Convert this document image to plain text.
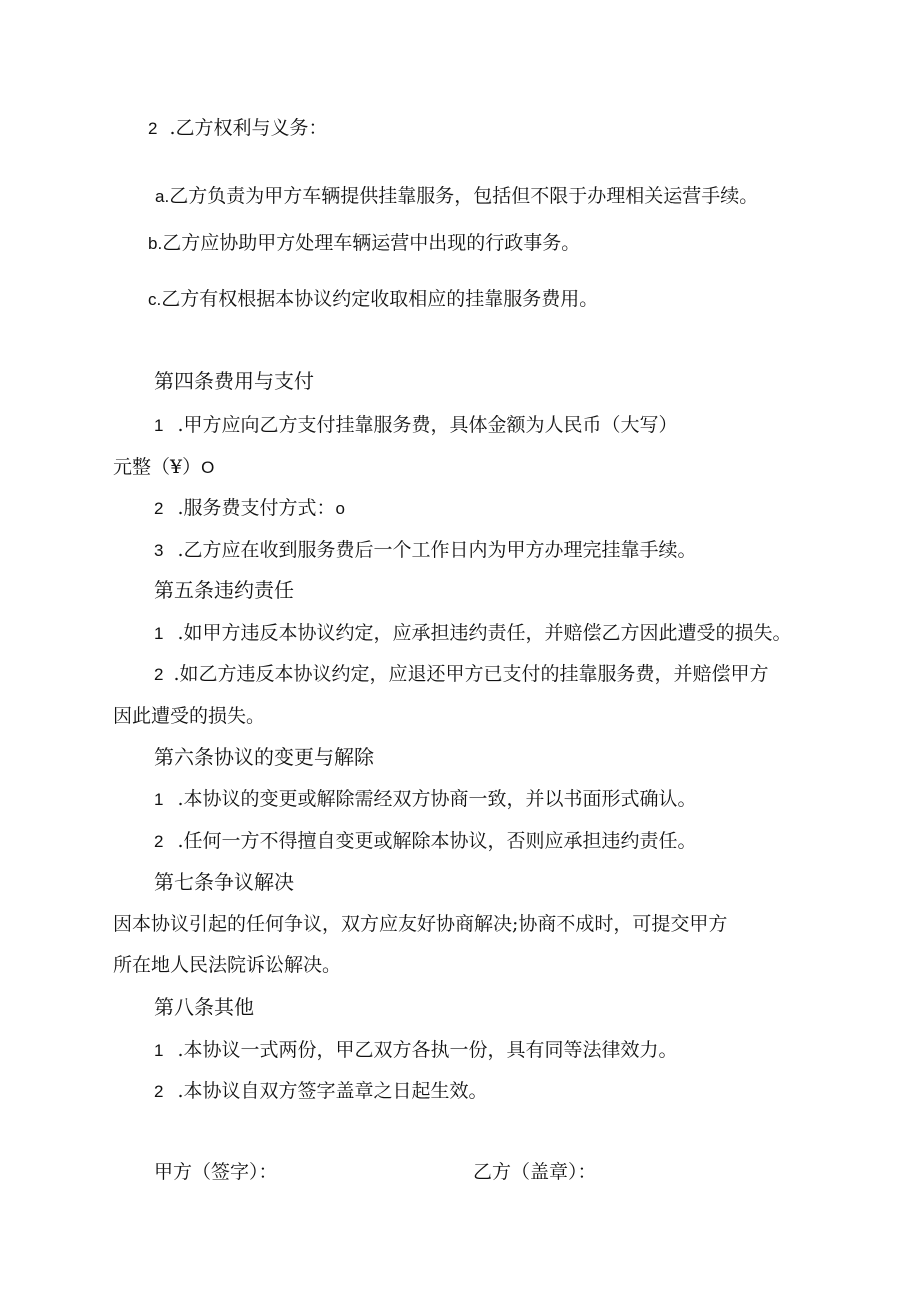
2 .乙方权利与义务：
a.乙方负责为甲方车辆提供挂靠服务，包括但不限于办理相关运营手续。
b.乙方应协助甲方处理车辆运营中出现的行政事务。
c.乙方有权根据本协议约定收取相应的挂靠服务费用。
第四条费用与支付
1 .甲方应向乙方支付挂靠服务费，具体金额为人民币（大写）
元整（¥）O
2 .服务费支付方式：o
3 .乙方应在收到服务费后一个工作日内为甲方办理完挂靠手续。
第五条违约责任
1 .如甲方违反本协议约定，应承担违约责任，并赔偿乙方因此遭受的损失。
2 .如乙方违反本协议约定，应退还甲方已支付的挂靠服务费，并赔偿甲方
因此遭受的损失。
第六条协议的变更与解除
1 .本协议的变更或解除需经双方协商一致，并以书面形式确认。
2 .任何一方不得擅自变更或解除本协议，否则应承担违约责任。
第七条争议解决
因本协议引起的任何争议，双方应友好协商解决;协商不成时，可提交甲方
所在地人民法院诉讼解决。
第八条其他
1 .本协议一式两份，甲乙双方各执一份，具有同等法律效力。
2 .本协议自双方签字盖章之日起生效。
甲方（签字）：	乙方（盖章）：
